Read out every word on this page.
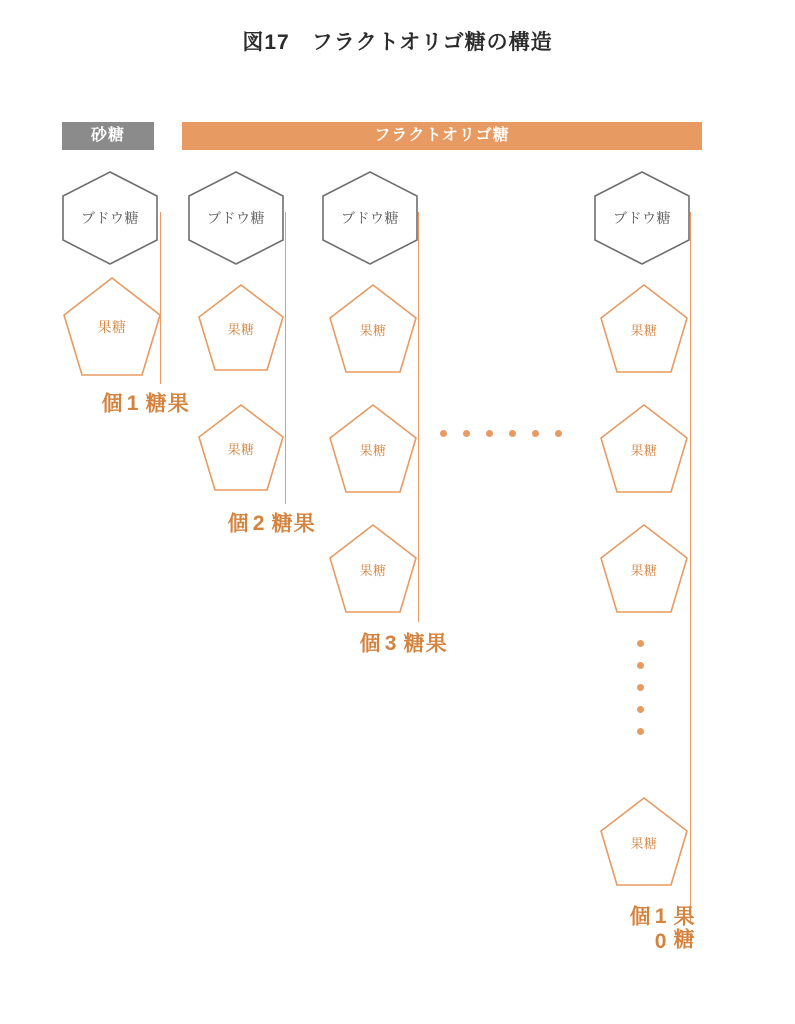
図17　フラクトオリゴ糖の構造
砂糖	フラクトオリゴ糖
ブドウ糖
果糖
果糖1個
ブドウ糖
果糖
果糖
果糖2個
ブドウ糖
果糖
果糖
果糖
果糖3個
ブドウ糖
果糖
果糖
果糖
果糖
果糖10個
